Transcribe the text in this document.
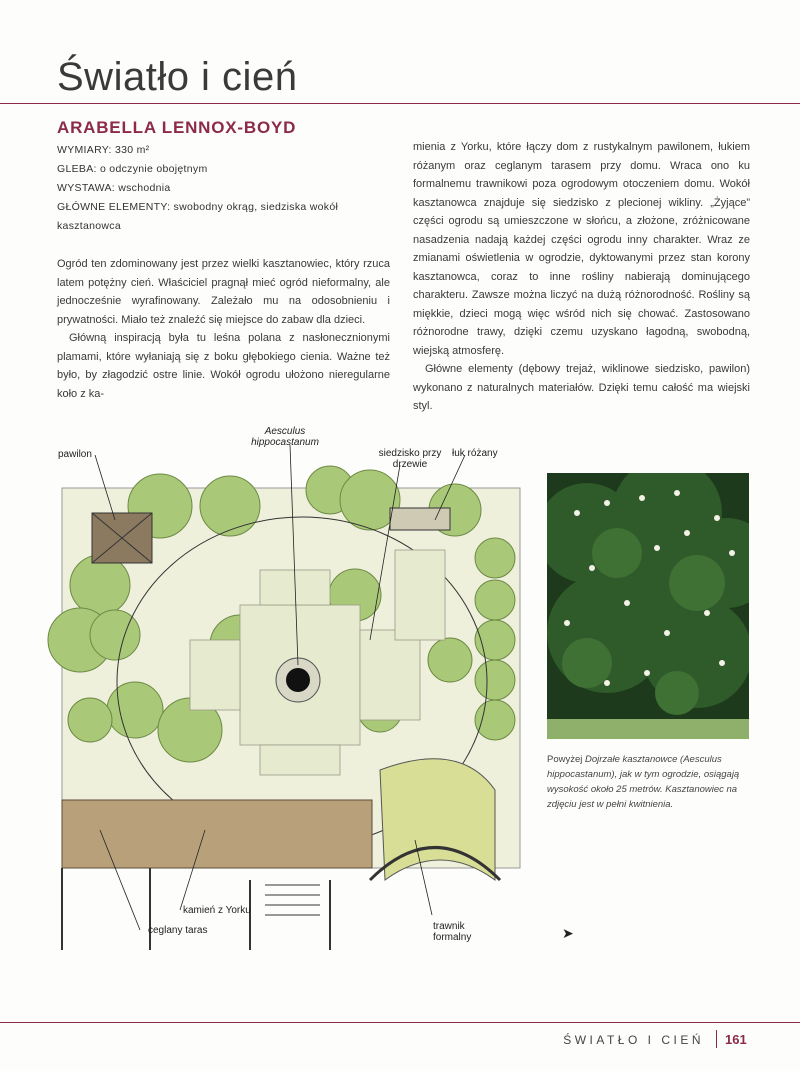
Światło i cień
ARABELLA LENNOX-BOYD
WYMIARY: 330 m²
GLEBA: o odczynie obojętnym
WYSTAWA: wschodnia
GŁÓWNE ELEMENTY: swobodny okrąg, siedziska wokół kasztanowca

Ogród ten zdominowany jest przez wielki kasztanowiec, który rzuca latem potężny cień. Właściciel pragnął mieć ogród nieformalny, ale jednocześnie wyrafinowany. Zależało mu na odosobnieniu i prywatności. Miało też znaleźć się miejsce do zabaw dla dzieci.

Główną inspiracją była tu leśna polana z nasłonecznionymi plamami, które wyłaniają się z boku głębokiego cienia. Ważne też było, by złagodzić ostre linie. Wokół ogrodu ułożono nieregularne koło z ka-

mienia z Yorku, które łączy dom z rustykalnym pawilonem, łukiem różanym oraz ceglanym tarasem przy domu. Wraca ono ku formalnemu trawnikowi poza ogrodowym otoczeniem domu. Wokół kasztanowca znajduje się siedzisko z plecionej wikliny. „Żyjące” części ogrodu są umieszczone w słońcu, a złożone, zróżnicowane nasadzenia nadają każdej części ogrodu inny charakter. Wraz ze zmianami oświetlenia w ogrodzie, dyktowanymi przez stan korony kasztanowca, coraz to inne rośliny nabierają dominującego charakteru. Zawsze można liczyć na dużą różnorodność. Rośliny są miękkie, dzieci mogą więc wśród nich się chować. Zastosowano różnorodne trawy, dzięki czemu uzyskano łagodną, swobodną, wiejską atmosferę.

Główne elementy (dębowy trejaż, wiklinowe siedzisko, pawilon) wykonano z naturalnych materiałów. Dzięki temu całość ma wiejski styl.

pawilon
Aesculus hippocastanum
siedzisko przy drzewie
łuk różany
kamień z Yorku
ceglany taras	trawnik formalny	➤
Powyżej Dojrzałe kasztanowce (Aesculus hippocastanum), jak w tym ogrodzie, osiągają wysokość około 25 metrów. Kasztanowiec na zdjęciu jest w pełni kwitnienia.
ŚWIATŁO I CIEŃ 161
